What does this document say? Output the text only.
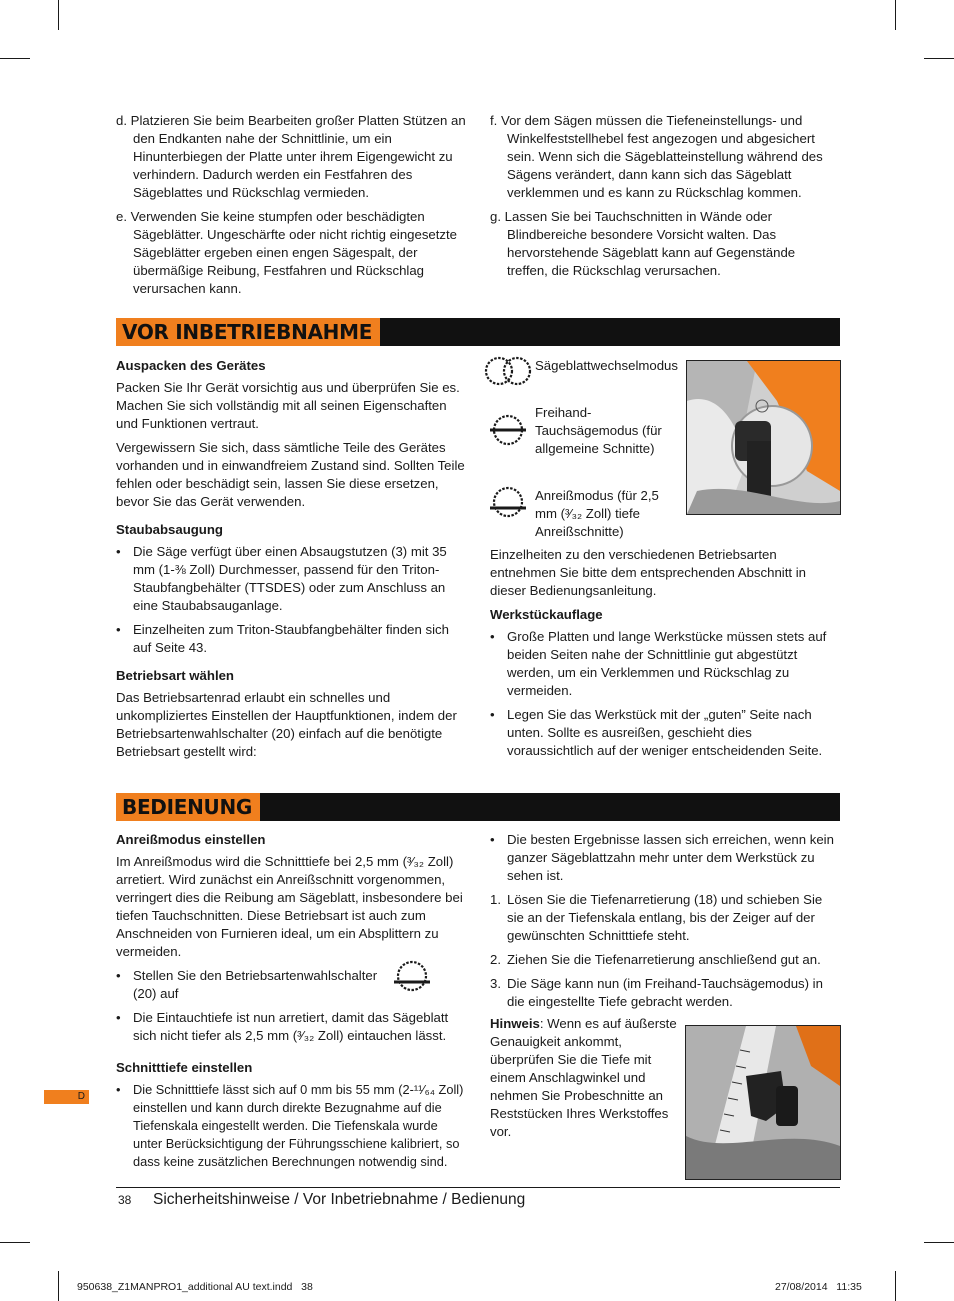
d. Platzieren Sie beim Bearbeiten großer Platten Stützen an den Endkanten nahe der Schnittlinie, um ein Hinunterbiegen der Platte unter ihrem Eigengewicht zu verhindern. Dadurch werden ein Festfahren des Sägeblattes und Rückschlag vermieden.

e. Verwenden Sie keine stumpfen oder beschädigten Sägeblätter. Ungeschärfte oder nicht richtig eingesetzte Sägeblätter ergeben einen engen Sägespalt, der übermäßige Reibung, Festfahren und Rückschlag verursachen kann.

f. Vor dem Sägen müssen die Tiefeneinstellungs- und Winkelfeststellhebel fest angezogen und abgesichert sein. Wenn sich die Sägeblatteinstellung während des Sägens verändert, dann kann sich das Sägeblatt verklemmen und es kann zu Rückschlag kommen.

g. Lassen Sie bei Tauchschnitten in Wände oder Blindbereiche besondere Vorsicht walten. Das hervorstehende Sägeblatt kann auf Gegenstände treffen, die Rückschlag verursachen.

VOR INBETRIEBNAHME
Auspacken des Gerätes

Packen Sie Ihr Gerät vorsichtig aus und überprüfen Sie es. Machen Sie sich vollständig mit all seinen Eigenschaften und Funktionen vertraut.

Vergewissern Sie sich, dass sämtliche Teile des Gerätes vorhanden und in einwandfreiem Zustand sind. Sollten Teile fehlen oder beschädigt sein, lassen Sie diese ersetzen, bevor Sie das Gerät verwenden.

Staubabsaugung
• Die Säge verfügt über einen Absaugstutzen (3) mit 35 mm (1-⅜ Zoll) Durchmesser, passend für den Triton-Staubfangbehälter (TTSDES) oder zum Anschluss an eine Staubabsauganlage.
• Einzelheiten zum Triton-Staubfangbehälter finden sich auf Seite 43.
Betriebsart wählen

Das Betriebsartenrad erlaubt ein schnelles und unkompliziertes Einstellen der Hauptfunktionen, indem der Betriebsartenwahlschalter (20) einfach auf die benötigte Betriebsart gestellt wird:

Sägeblattwechselmodus
Freihand-Tauchsägemodus (für allgemeine Schnitte)
Anreißmodus (für 2,5 mm (³⁄₃₂ Zoll) tiefe Anreißschnitte)

Einzelheiten zu den verschiedenen Betriebsarten entnehmen Sie bitte dem entsprechenden Abschnitt in dieser Bedienungsanleitung.

Werkstückauflage
• Große Platten und lange Werkstücke müssen stets auf beiden Seiten nahe der Schnittlinie gut abgestützt werden, um ein Verklemmen und Rückschlag zu vermeiden.
• Legen Sie das Werkstück mit der „guten” Seite nach unten. Sollte es ausreißen, geschieht dies voraussichtlich auf der weniger entscheidenden Seite.
BEDIENUNG
Anreißmodus einstellen

Im Anreißmodus wird die Schnitttiefe bei 2,5 mm (³⁄₃₂ Zoll) arretiert. Wird zunächst ein Anreißschnitt vorgenommen, verringert dies die Reibung am Sägeblatt, insbesondere bei tiefen Tauchschnitten. Diese Betriebsart ist auch zum Anschneiden von Furnieren ideal, um ein Absplittern zu vermeiden.

• Stellen Sie den Betriebsartenwahlschalter (20) auf
• Die Eintauchtiefe ist nun arretiert, damit das Sägeblatt sich nicht tiefer als 2,5 mm (³⁄₃₂ Zoll) eintauchen lässt.
Schnitttiefe einstellen
• Die Schnitttiefe lässt sich auf 0 mm bis 55 mm (2-¹¹⁄₆₄ Zoll) einstellen und kann durch direkte Bezugnahme auf die Tiefenskala eingestellt werden. Die Tiefenskala wurde unter Berücksichtigung der Führungsschiene kalibriert, so dass keine zusätzlichen Berechnungen notwendig sind.
• Die besten Ergebnisse lassen sich erreichen, wenn kein ganzer Sägeblattzahn mehr unter dem Werkstück zu sehen ist.
1. Lösen Sie die Tiefenarretierung (18) und schieben Sie sie an der Tiefenskala entlang, bis der Zeiger auf der gewünschten Schnitttiefe steht.
2. Ziehen Sie die Tiefenarretierung anschließend gut an.
3. Die Säge kann nun (im Freihand-Tauchsägemodus) in die eingestellte Tiefe gebracht werden.
Hinweis: Wenn es auf äußerste Genauigkeit ankommt, überprüfen Sie die Tiefe mit einem Anschlagwinkel und nehmen Sie Probeschnitte an Reststücken Ihres Werkstoffes vor.
D
38 Sicherheitshinweise / Vor Inbetriebnahme / Bedienung
950638_Z1MANPRO1_additional AU text.indd   38	27/08/2014   11:35
